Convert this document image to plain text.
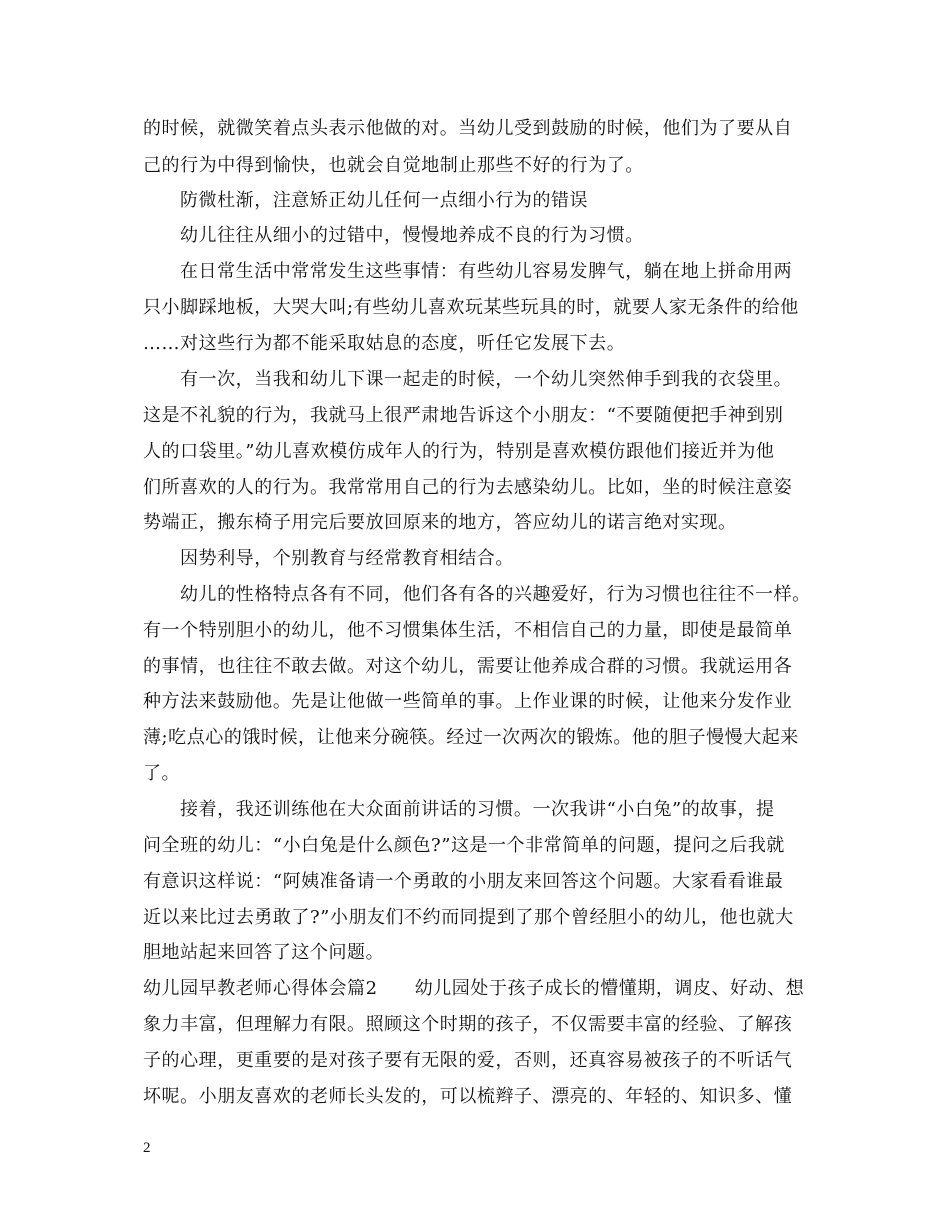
的时候，就微笑着点头表示他做的对。当幼儿受到鼓励的时候，他们为了要从自
己的行为中得到愉快，也就会自觉地制止那些不好的行为了。
防微杜渐，注意矫正幼儿任何一点细小行为的错误
幼儿往往从细小的过错中，慢慢地养成不良的行为习惯。
在日常生活中常常发生这些事情：有些幼儿容易发脾气，躺在地上拼命用两
只小脚踩地板，大哭大叫;有些幼儿喜欢玩某些玩具的时，就要人家无条件的给他
……对这些行为都不能采取姑息的态度，听任它发展下去。
有一次，当我和幼儿下课一起走的时候，一个幼儿突然伸手到我的衣袋里。
这是不礼貌的行为，我就马上很严肃地告诉这个小朋友：“不要随便把手神到别
人的口袋里。”幼儿喜欢模仿成年人的行为，特别是喜欢模仿跟他们接近并为他
们所喜欢的人的行为。我常常用自己的行为去感染幼儿。比如，坐的时候注意姿
势端正，搬东椅子用完后要放回原来的地方，答应幼儿的诺言绝对实现。
因势利导，个别教育与经常教育相结合。
幼儿的性格特点各有不同，他们各有各的兴趣爱好，行为习惯也往往不一样。
有一个特别胆小的幼儿，他不习惯集体生活，不相信自己的力量，即使是最简单
的事情，也往往不敢去做。对这个幼儿，需要让他养成合群的习惯。我就运用各
种方法来鼓励他。先是让他做一些简单的事。上作业课的时候，让他来分发作业
薄;吃点心的饿时候，让他来分碗筷。经过一次两次的锻炼。他的胆子慢慢大起来
了。
接着，我还训练他在大众面前讲话的习惯。一次我讲“小白兔”的故事，提
问全班的幼儿：“小白兔是什么颜色?”这是一个非常简单的问题，提问之后我就
有意识这样说：“阿姨准备请一个勇敢的小朋友来回答这个问题。大家看看谁最
近以来比过去勇敢了?”小朋友们不约而同提到了那个曾经胆小的幼儿，他也就大
胆地站起来回答了这个问题。
幼儿园早教老师心得体会篇2　　幼儿园处于孩子成长的懵懂期，调皮、好动、想
象力丰富，但理解力有限。照顾这个时期的孩子，不仅需要丰富的经验、了解孩
子的心理，更重要的是对孩子要有无限的爱，否则，还真容易被孩子的不听话气
坏呢。小朋友喜欢的老师长头发的，可以梳辫子、漂亮的、年轻的、知识多、懂
2
